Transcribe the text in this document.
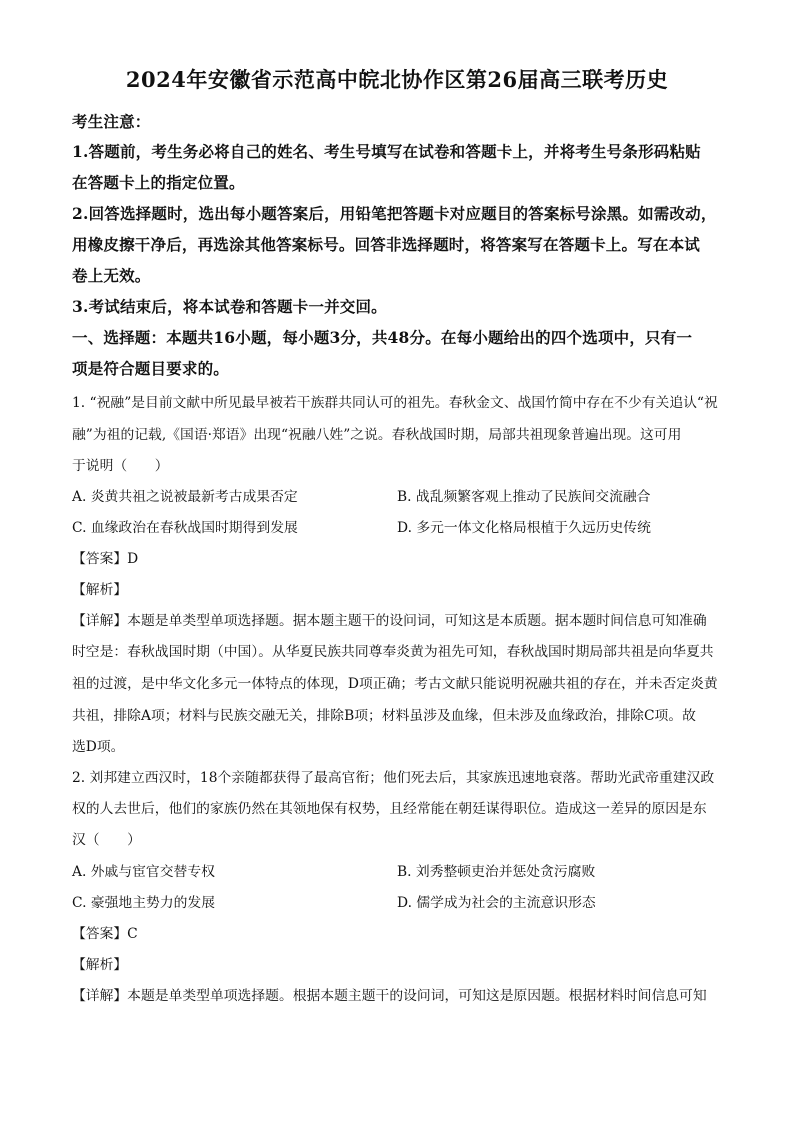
2024年安徽省示范高中皖北协作区第26届高三联考历史
考生注意：
1.答题前，考生务必将自己的姓名、考生号填写在试卷和答题卡上，并将考生号条形码粘贴
在答题卡上的指定位置。
2.回答选择题时，选出每小题答案后，用铅笔把答题卡对应题目的答案标号涂黑。如需改动，
用橡皮擦干净后，再选涂其他答案标号。回答非选择题时，将答案写在答题卡上。写在本试
卷上无效。
3.考试结束后，将本试卷和答题卡一并交回。
一、选择题：本题共16小题，每小题3分，共48分。在每小题给出的四个选项中，只有一
项是符合题目要求的。
1. “祝融”是目前文献中所见最早被若干族群共同认可的祖先。春秋金文、战国竹简中存在不少有关追认“祝
融”为祖的记载,《国语·郑语》出现“祝融八姓”之说。春秋战国时期，局部共祖现象普遍出现。这可用
于说明（　　）
A. 炎黄共祖之说被最新考古成果否定	B. 战乱频繁客观上推动了民族间交流融合
C. 血缘政治在春秋战国时期得到发展	D. 多元一体文化格局根植于久远历史传统
【答案】D
【解析】
【详解】本题是单类型单项选择题。据本题主题干的设问词，可知这是本质题。据本题时间信息可知准确
时空是：春秋战国时期（中国）。从华夏民族共同尊奉炎黄为祖先可知，春秋战国时期局部共祖是向华夏共
祖的过渡，是中华文化多元一体特点的体现，D项正确；考古文献只能说明祝融共祖的存在，并未否定炎黄
共祖，排除A项；材料与民族交融无关，排除B项；材料虽涉及血缘，但未涉及血缘政治，排除C项。故
选D项。
2. 刘邦建立西汉时，18个亲随都获得了最高官衔；他们死去后，其家族迅速地衰落。帮助光武帝重建汉政
权的人去世后，他们的家族仍然在其领地保有权势，且经常能在朝廷谋得职位。造成这一差异的原因是东
汉（　　）
A. 外戚与宦官交替专权	B. 刘秀整顿吏治并惩处贪污腐败
C. 豪强地主势力的发展	D. 儒学成为社会的主流意识形态
【答案】C
【解析】
【详解】本题是单类型单项选择题。根据本题主题干的设问词，可知这是原因题。根据材料时间信息可知
